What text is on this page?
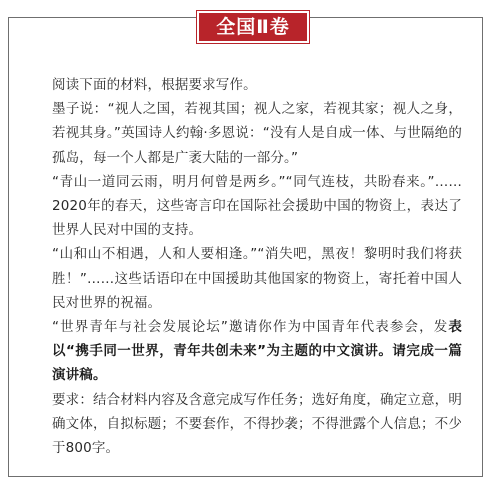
全国Ⅱ卷

阅读下面的材料，根据要求写作。

墨子说：“视人之国，若视其国；视人之家，若视其家；视人之身，若视其身。”英国诗人约翰·多恩说：“没有人是自成一体、与世隔绝的孤岛，每一个人都是广袤大陆的一部分。”

“青山一道同云雨，明月何曾是两乡。”“同气连枝，共盼春来。”……2020年的春天，这些寄言印在国际社会援助中国的物资上，表达了世界人民对中国的支持。

“山和山不相遇，人和人要相逢。”“消失吧，黑夜！黎明时我们将获胜！”……这些话语印在中国援助其他国家的物资上，寄托着中国人民对世界的祝福。

“世界青年与社会发展论坛”邀请你作为中国青年代表参会，发表以“携手同一世界，青年共创未来”为主题的中文演讲。请完成一篇演讲稿。

要求：结合材料内容及含意完成写作任务；选好角度，确定立意，明确文体，自拟标题；不要套作，不得抄袭；不得泄露个人信息；不少于800字。
